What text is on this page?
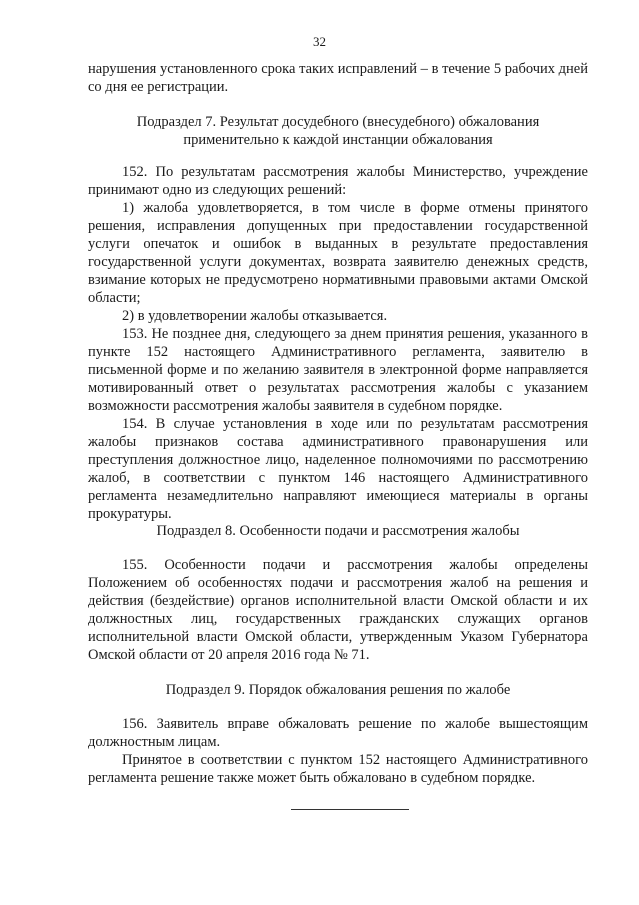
32

нарушения установленного срока таких исправлений – в течение 5 рабочих дней со дня ее регистрации.

Подраздел 7. Результат досудебного (внесудебного) обжалования
применительно к каждой инстанции обжалования

152. По результатам рассмотрения жалобы Министерство, учреждение принимают одно из следующих решений:

1) жалоба удовлетворяется, в том числе в форме отмены принятого решения, исправления допущенных при предоставлении государственной услуги опечаток и ошибок в выданных в результате предоставления государственной услуги документах, возврата заявителю денежных средств, взимание которых не предусмотрено нормативными правовыми актами Омской области;

2) в удовлетворении жалобы отказывается.

153. Не позднее дня, следующего за днем принятия решения, указанного в пункте 152 настоящего Административного регламента, заявителю в письменной форме и по желанию заявителя в электронной форме направляется мотивированный ответ о результатах рассмотрения жалобы с указанием возможности рассмотрения жалобы заявителя в судебном порядке.

154. В случае установления в ходе или по результатам рассмотрения жалобы признаков состава административного правонарушения или преступления должностное лицо, наделенное полномочиями по рассмотрению жалоб, в соответствии с пунктом 146 настоящего Административного регламента незамедлительно направляют имеющиеся материалы в органы прокуратуры.

Подраздел 8. Особенности подачи и рассмотрения жалобы

155. Особенности подачи и рассмотрения жалобы определены Положением об особенностях подачи и рассмотрения жалоб на решения и действия (бездействие) органов исполнительной власти Омской области и их должностных лиц, государственных гражданских служащих органов исполнительной власти Омской области, утвержденным Указом Губернатора Омской области от 20 апреля 2016 года № 71.

Подраздел 9. Порядок обжалования решения по жалобе

156. Заявитель вправе обжаловать решение по жалобе вышестоящим должностным лицам.

Принятое в соответствии с пунктом 152 настоящего Административного регламента решение также может быть обжаловано в судебном порядке.
